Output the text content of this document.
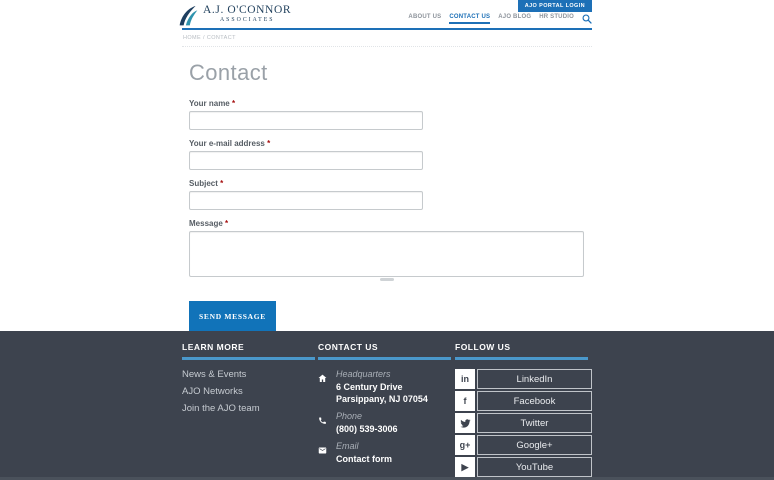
AJO PORTAL LOGIN
A.J. O'CONNOR
ASSOCIATES	ABOUT US CONTACT US AJO BLOG HR STUDIO
HOME / CONTACT
Contact
Your name *
Your e-mail address *
Subject *
Message *
SEND MESSAGE
LEARN MORE
News & Events
AJO Networks
Join the AJO team
CONTACT US
Headquarters
6 Century Drive
Parsippany, NJ 07054
Phone
(800) 539-3006
Email
Contact form
FOLLOW US
in	LinkedIn
f	Facebook
Twitter
g+	Google+
▶	YouTube
